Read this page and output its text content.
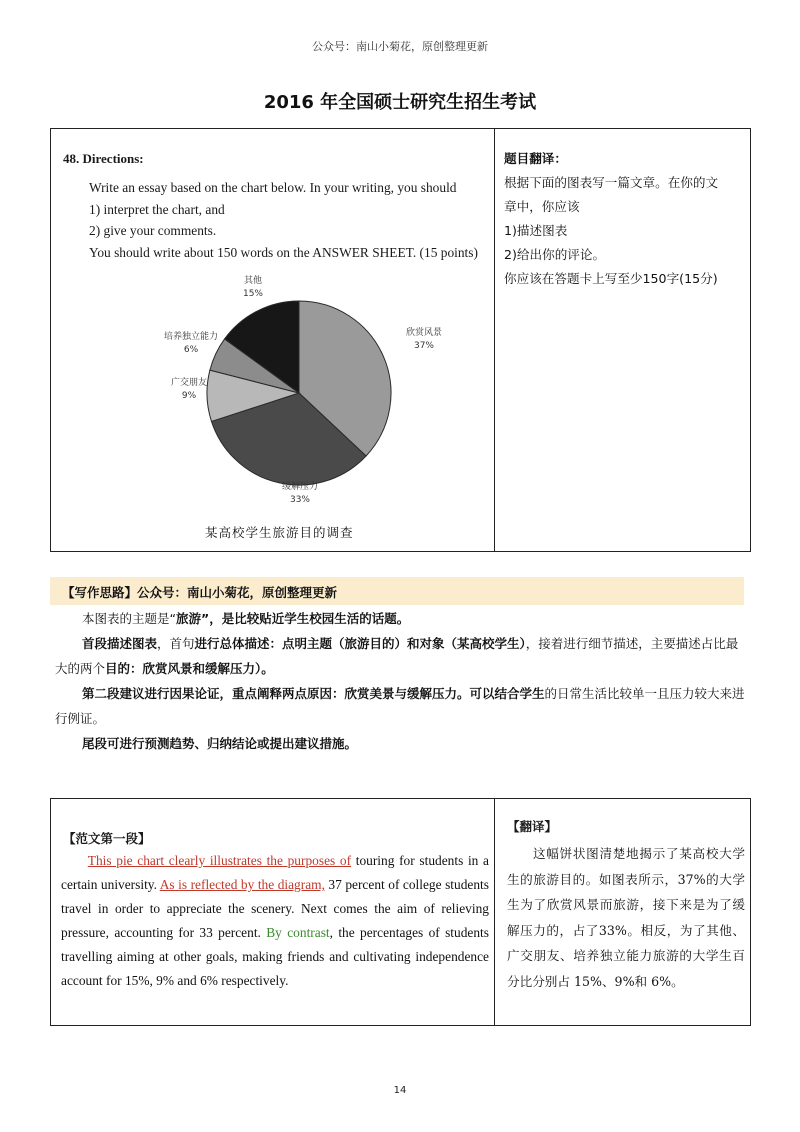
公众号：南山小菊花，原创整理更新
2016 年全国硕士研究生招生考试
48. Directions:
Write an essay based on the chart below. In your writing, you should
1) interpret the chart, and
2) give your comments.
You should write about 150 words on the ANSWER SHEET. (15 points)
其他
15%
欣赏风景
37%
培养独立能力
6%
广交朋友
9%
缓解压力
33%
某高校学生旅游目的调查
题目翻译：
根据下面的图表写一篇文章。在你的文
章中，你应该
1)描述图表
2)给出你的评论。
你应该在答题卡上写至少150字(15分)
【写作思路】公众号：南山小菊花，原创整理更新

本图表的主题是“旅游”，是比较贴近学生校园生活的话题。

首段描述图表，首句进行总体描述：点明主题（旅游目的）和对象（某高校学生），接着进行细节描述，主要描述占比最大的两个目的：欣赏风景和缓解压力）。

第二段建议进行因果论证，重点阐释两点原因：欣赏美景与缓解压力。可以结合学生的日常生活比较单一且压力较大来进行例证。

尾段可进行预测趋势、归纳结论或提出建议措施。

【范文第一段】
  This pie chart clearly illustrates the purposes of touring for students in a certain university. As is reflected by the diagram, 37 percent of college students travel in order to appreciate the scenery. Next comes the aim of relieving pressure, accounting for 33 percent. By contrast, the percentages of students travelling aiming at other goals, making friends and cultivating independence account for 15%, 9% and 6% respectively.
【翻译】
这幅饼状图清楚地揭示了某高校大学生的旅游目的。如图表所示，37%的大学生为了欣赏风景而旅游，接下来是为了缓解压力的，占了33%。相反，为了其他、广交朋友、培养独立能力旅游的大学生百分比分别占 15%、9%和 6%。
14
